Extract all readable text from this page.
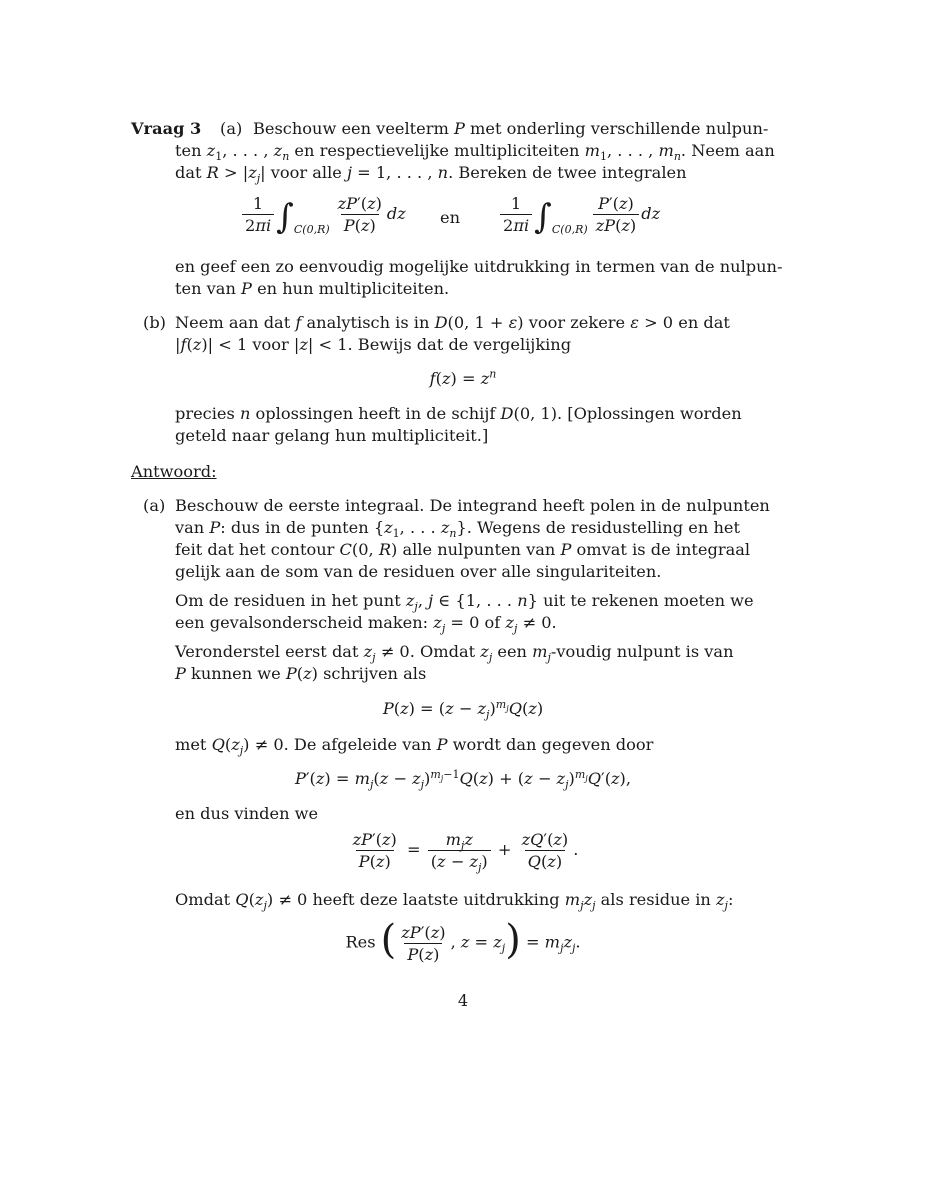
Vraag 3 (a) Beschouw een veelterm P met onderling verschillende nulpun-
ten $z_1$, . . . , $z_n$ en respectievelijke multipliciteiten $m_1$, . . . , $m_n$. Neem aan
dat $R > |z_j|$ voor alle j = 1, . . . , n. Bereken de twee integralen
$\frac{1}{2\pi i} \int_{C(0,R)} \frac{zP'(z)}{P(z)}$ dz en $\frac{1}{2\pi i} \int_{C(0,R)} \frac{P'(z)}{zP(z)}$ dz
en geef een zo eenvoudig mogelijke uitdrukking in termen van de nulpun-
ten van P en hun multipliciteiten.
(b) Neem aan dat f analytisch is in D(0, 1 + ε) voor zekere ε > 0 en dat
|f(z)| < 1 voor |z| < 1. Bewijs dat de vergelijking
$f(z) = z^n$
precies n oplossingen heeft in de schijf D(0, 1). [Oplossingen worden
geteld naar gelang hun multipliciteit.]
Antwoord:
(a) Beschouw de eerste integraal. De integrand heeft polen in de nulpunten
van P: dus in de punten {$z_1$, . . . $z_n$}. Wegens de residustelling en het
feit dat het contour C(0, R) alle nulpunten van P omvat is de integraal
gelijk aan de som van de residuen over alle singulariteiten.
Om de residuen in het punt $z_j$, j ∈ {1, . . . n} uit te rekenen moeten we
een gevalsonderscheid maken: $z_j = 0$ of $z_j \ne 0$.
Veronderstel eerst dat $z_j \ne 0$. Omdat $z_j$ een $m_j$-voudig nulpunt is van
P kunnen we P(z) schrijven als
$P(z) = (z - z_j)^{m_j}Q(z)$
met $Q(z_j) \ne 0$. De afgeleide van P wordt dan gegeven door
$P'(z) = m_j(z - z_j)^{m_j-1}Q(z) + (z - z_j)^{m_j}Q'(z)$,
en dus vinden we
$\frac{zP'(z)}{P(z)} = \frac{m_jz}{(z - z_j)} + \frac{zQ'(z)}{Q(z)}$ .
Omdat $Q(z_j) \ne 0$ heeft deze laatste uitdrukking $m_jz_j$ als residue in $z_j$:
Res ( $\frac{zP'(z)}{P(z)}$ , $z = z_j) = m_jz_j$.
4
